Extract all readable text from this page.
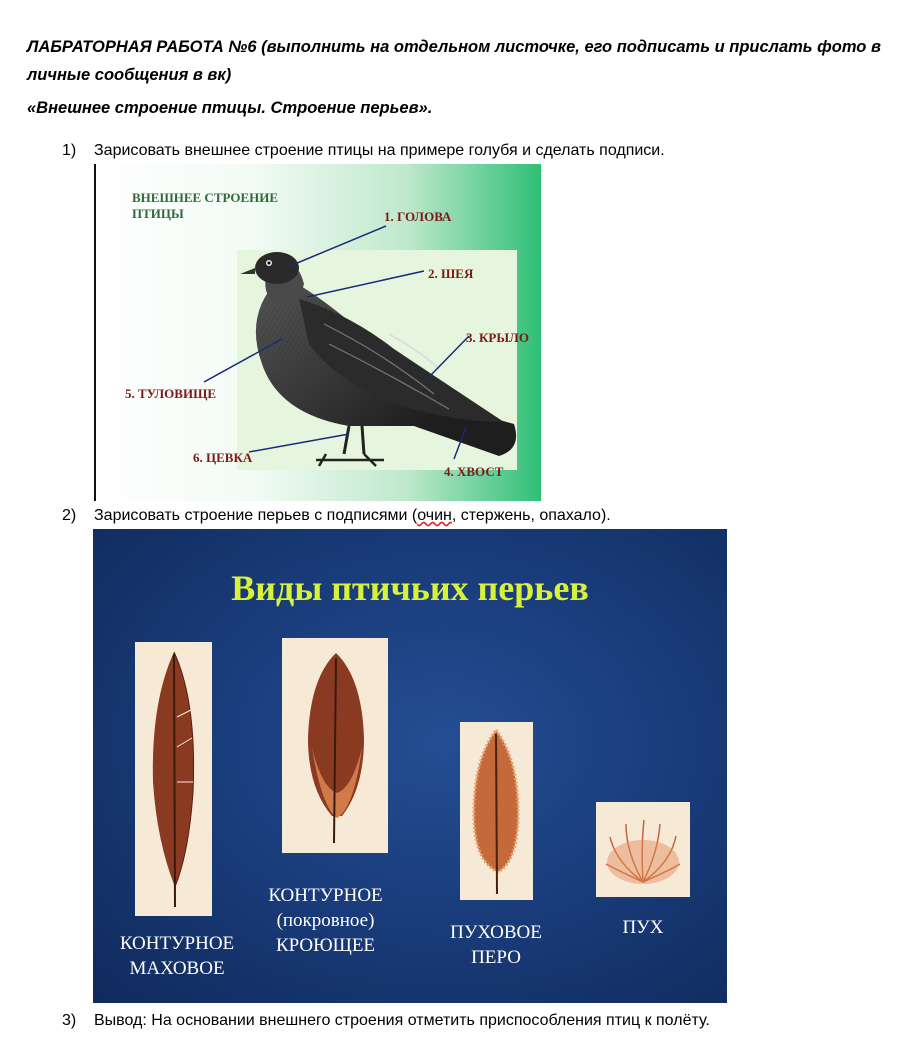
ЛАБРАТОРНАЯ РАБОТА №6 (выполнить на отдельном листочке, его подписать и прислать фото в личные сообщения в вк)
«Внешнее строение птицы. Строение перьев».
1) Зарисовать внешнее строение птицы на примере голубя и сделать подписи.
ВНЕШНЕЕ СТРОЕНИЕ
ПТИЦЫ	1. ГОЛОВА
2. ШЕЯ
3. КРЫЛО
4. ХВОСТ
5. ТУЛОВИЩЕ
6. ЦЕВКА
2) Зарисовать строение перьев с подписями (очин, стержень, опахало).
Виды птичьих перьев
КОНТУРНОЕ
МАХОВОЕ
КОНТУРНОЕ
(покровное)
КРОЮЩЕЕ
ПУХОВОЕ
ПЕРО
ПУХ
3) Вывод: На основании внешнего строения отметить приспособления птиц к полёту.
